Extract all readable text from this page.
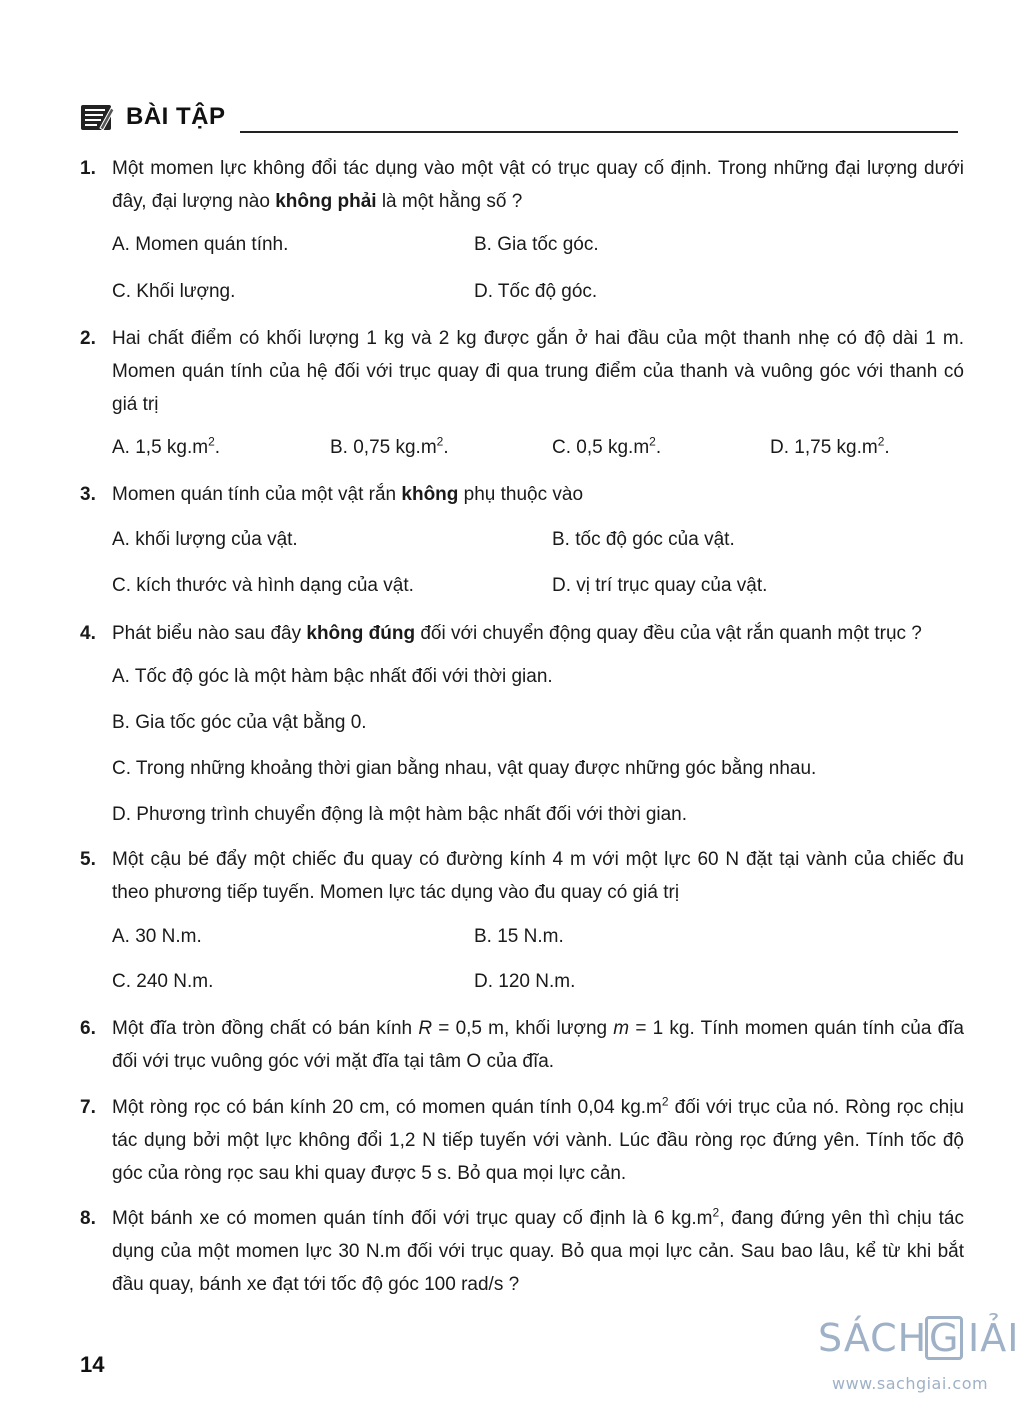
BÀI TẬP
1. Một momen lực không đổi tác dụng vào một vật có trục quay cố định. Trong những đại lượng dưới đây, đại lượng nào không phải là một hằng số ?
A. Momen quán tính.	B. Gia tốc góc.
C. Khối lượng.	D. Tốc độ góc.
2. Hai chất điểm có khối lượng 1 kg và 2 kg được gắn ở hai đầu của một thanh nhẹ có độ dài 1 m. Momen quán tính của hệ đối với trục quay đi qua trung điểm của thanh và vuông góc với thanh có giá trị
A. 1,5 $kg.m^2$.	B. 0,75 $kg.m^2$.	C. 0,5 $kg.m^2$.	D. 1,75 $kg.m^2$.
3. Momen quán tính của một vật rắn không phụ thuộc vào
A. khối lượng của vật.	B. tốc độ góc của vật.
C. kích thước và hình dạng của vật.	D. vị trí trục quay của vật.
4. Phát biểu nào sau đây không đúng đối với chuyển động quay đều của vật rắn quanh một trục ?
A. Tốc độ góc là một hàm bậc nhất đối với thời gian.
B. Gia tốc góc của vật bằng 0.
C. Trong những khoảng thời gian bằng nhau, vật quay được những góc bằng nhau.
D. Phương trình chuyển động là một hàm bậc nhất đối với thời gian.
5. Một cậu bé đẩy một chiếc đu quay có đường kính 4 m với một lực 60 N đặt tại vành của chiếc đu theo phương tiếp tuyến. Momen lực tác dụng vào đu quay có giá trị
A. 30 N.m.	B. 15 N.m.
C. 240 N.m.	D. 120 N.m.
6. Một đĩa tròn đồng chất có bán kính R = 0,5 m, khối lượng m = 1 kg. Tính momen quán tính của đĩa đối với trục vuông góc với mặt đĩa tại tâm O của đĩa.
7. Một ròng rọc có bán kính 20 cm, có momen quán tính 0,04 $kg.m^2$ đối với trục của nó. Ròng rọc chịu tác dụng bởi một lực không đổi 1,2 N tiếp tuyến với vành. Lúc đầu ròng rọc đứng yên. Tính tốc độ góc của ròng rọc sau khi quay được 5 s. Bỏ qua mọi lực cản.
8. Một bánh xe có momen quán tính đối với trục quay cố định là 6 $kg.m^2$, đang đứng yên thì chịu tác dụng của một momen lực 30 N.m đối với trục quay. Bỏ qua mọi lực cản. Sau bao lâu, kể từ khi bắt đầu quay, bánh xe đạt tới tốc độ góc 100 rad/s ?
14
SÁCH G IẢI
www.sachgiai.com
